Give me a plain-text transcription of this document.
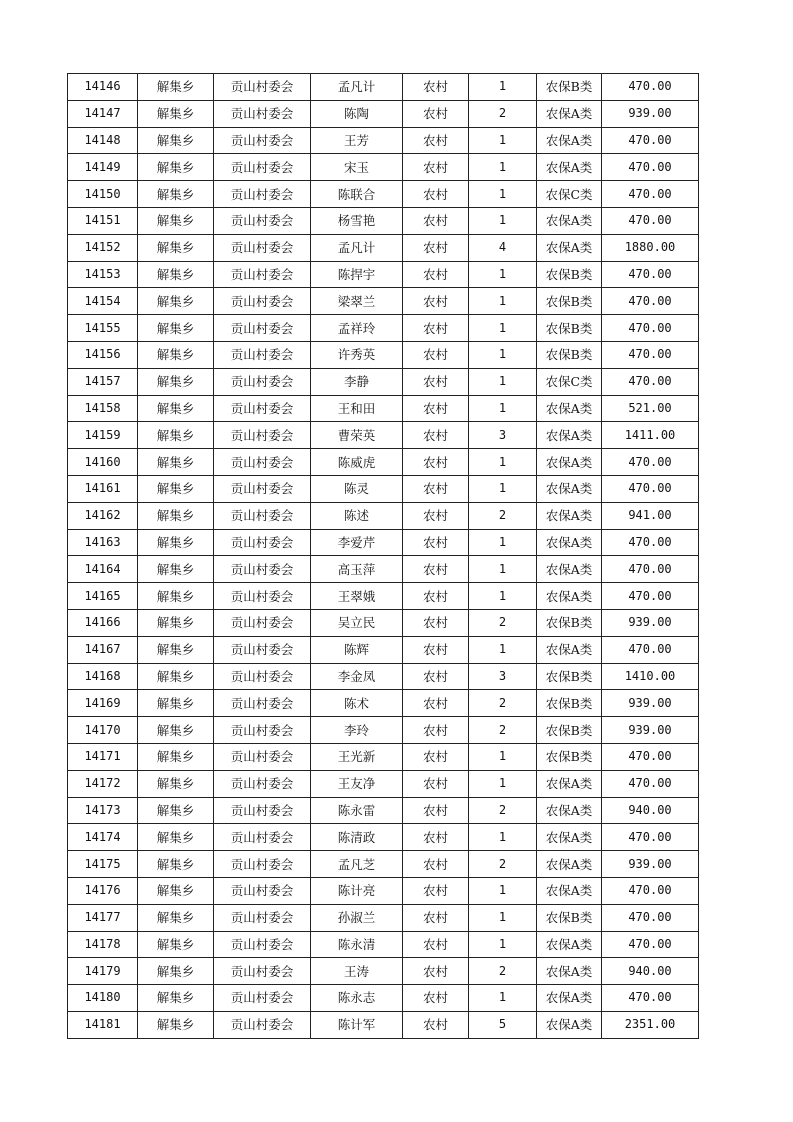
14146	解集乡	贡山村委会	孟凡计	农村	1	农保B类	470.00
14147	解集乡	贡山村委会	陈陶	农村	2	农保A类	939.00
14148	解集乡	贡山村委会	王芳	农村	1	农保A类	470.00
14149	解集乡	贡山村委会	宋玉	农村	1	农保A类	470.00
14150	解集乡	贡山村委会	陈联合	农村	1	农保C类	470.00
14151	解集乡	贡山村委会	杨雪艳	农村	1	农保A类	470.00
14152	解集乡	贡山村委会	孟凡计	农村	4	农保A类	1880.00
14153	解集乡	贡山村委会	陈捍宇	农村	1	农保B类	470.00
14154	解集乡	贡山村委会	梁翠兰	农村	1	农保B类	470.00
14155	解集乡	贡山村委会	孟祥玲	农村	1	农保B类	470.00
14156	解集乡	贡山村委会	许秀英	农村	1	农保B类	470.00
14157	解集乡	贡山村委会	李静	农村	1	农保C类	470.00
14158	解集乡	贡山村委会	王和田	农村	1	农保A类	521.00
14159	解集乡	贡山村委会	曹荣英	农村	3	农保A类	1411.00
14160	解集乡	贡山村委会	陈威虎	农村	1	农保A类	470.00
14161	解集乡	贡山村委会	陈灵	农村	1	农保A类	470.00
14162	解集乡	贡山村委会	陈述	农村	2	农保A类	941.00
14163	解集乡	贡山村委会	李爱芹	农村	1	农保A类	470.00
14164	解集乡	贡山村委会	高玉萍	农村	1	农保A类	470.00
14165	解集乡	贡山村委会	王翠娥	农村	1	农保A类	470.00
14166	解集乡	贡山村委会	吴立民	农村	2	农保B类	939.00
14167	解集乡	贡山村委会	陈辉	农村	1	农保A类	470.00
14168	解集乡	贡山村委会	李金凤	农村	3	农保B类	1410.00
14169	解集乡	贡山村委会	陈术	农村	2	农保B类	939.00
14170	解集乡	贡山村委会	李玲	农村	2	农保B类	939.00
14171	解集乡	贡山村委会	王光新	农村	1	农保B类	470.00
14172	解集乡	贡山村委会	王友净	农村	1	农保A类	470.00
14173	解集乡	贡山村委会	陈永雷	农村	2	农保A类	940.00
14174	解集乡	贡山村委会	陈清政	农村	1	农保A类	470.00
14175	解集乡	贡山村委会	孟凡芝	农村	2	农保A类	939.00
14176	解集乡	贡山村委会	陈计亮	农村	1	农保A类	470.00
14177	解集乡	贡山村委会	孙淑兰	农村	1	农保B类	470.00
14178	解集乡	贡山村委会	陈永清	农村	1	农保A类	470.00
14179	解集乡	贡山村委会	王涛	农村	2	农保A类	940.00
14180	解集乡	贡山村委会	陈永志	农村	1	农保A类	470.00
14181	解集乡	贡山村委会	陈计军	农村	5	农保A类	2351.00
